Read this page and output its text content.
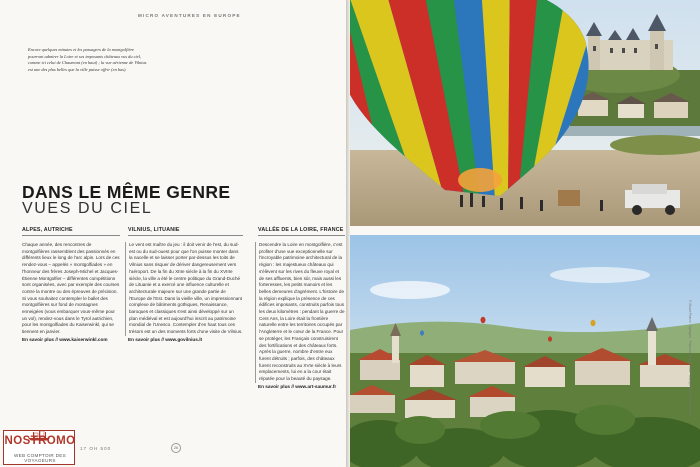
MICRO AVENTURES EN EUROPE
Encore quelques minutes et les passagers de la montgolfière pourront admirer la Loire et ses imposants châteaux vus du ciel, comme ici celui de Chaumont (en haut) ; la vue aérienne de Vilnius est une des plus belles que la ville puisse offrir (en bas).
DANS LE MÊME GENRE
VUES DU CIEL
ALPES, AUTRICHE
Chaque année, des rencontres de montgolfières rassemblent des passionnés en différents lieux le long de l'arc alpin. Lors de ces rendez-vous – appelés « montgolfiades » en l'honneur des frères Joseph-Michel et Jacques-Étienne Montgolfier – différentes compétitions sont organisées, avec par exemple des courses contre la montre ou des épreuves de précision. Si vous souhaitez contempler le ballet des montgolfières sur fond de montagnes enneigées (vous embarquer vous-même pour un vol), rendez-vous dans le Tyrol autrichien, pour les montgolfiades du Kaiserwinkl, qui se tiennent en janvier.
En savoir plus // www.kaiserwinkl.com
VILNIUS, LITUANIE
Le vent est maître du jeu : il doit venir de l'est, du sud-est ou du sud-ouest pour que l'on puisse monter dans la nacelle et se laisser porter par-dessus les toits de Vilnius sans risquer de dériver dangereusement vers l'aéroport. De la fin du XIIIe siècle à la fin du XVIIIe siècle, la ville a été le centre politique du Grand-Duché de Lituanie et a exercé une influence culturelle et architecturale majeure sur une grande partie de l'Europe de l'Est. Dans la vieille ville, un impressionnant complexe de bâtiments gothiques, Renaissance, baroques et classiques s'est ainsi développé sur un plan médiéval et est aujourd'hui inscrit au patrimoine mondial de l'Unesco. Contempler d'en haut tous ces trésors est un des moments forts d'une visite de Vilnius.
En savoir plus // www.govilnius.lt
VALLÉE DE LA LOIRE, FRANCE
Descendre la Loire en montgolfière, c'est profiter d'une vue exceptionnelle sur l'incroyable patrimoine architectural de la région : les majestueux châteaux qui s'élèvent sur les rives du fleuve royal et de ses affluents, bien sûr, mais aussi les forteresses, les petits manoirs et les belles demeures d'agrément. L'histoire de la région explique la présence de ces édifices imposants, construits parfois tous les deux kilomètres : pendant la guerre de Cent Ans, la Loire était la frontière naturelle entre les territoires occupés par l'Angleterre et le cœur de la France. Pour se protéger, les Français construisirent des fortifications et des châteaux forts. Après la guerre, nombre d'entre eux furent détruits ; parfois, des châteaux furent reconstruits au XVIe siècle à leurs emplacements, lui en a la cour était réputée pour la beauté du paysage.
En savoir plus // www.art-saumur.fr
NOSTROMO
WEB COMPTOIR DES VOYAGEURS
17 OH 500	26
© Stuart Pearce · Spnoyes · Francesca Lauer Ruhr · Cheryl Ravelo / Shutterstock
